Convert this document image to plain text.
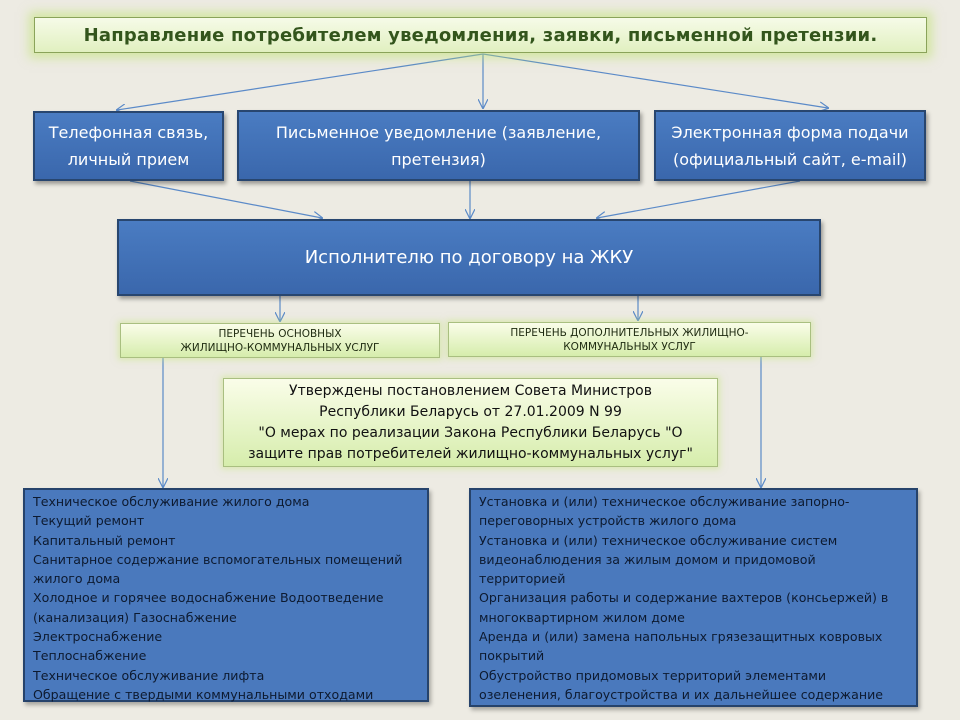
Направление потребителем уведомления, заявки, письменной претензии.
Телефонная связь,
личный прием
Письменное уведомление (заявление,
претензия)
Электронная форма подачи
(официальный сайт, e-mail)
Исполнителю по договору на ЖКУ
ПЕРЕЧЕНЬ ОСНОВНЫХ
ЖИЛИЩНО-КОММУНАЛЬНЫХ УСЛУГ
ПЕРЕЧЕНЬ ДОПОЛНИТЕЛЬНЫХ ЖИЛИЩНО-
КОММУНАЛЬНЫХ УСЛУГ
Утверждены постановлением Совета Министров
Республики Беларусь от 27.01.2009 N 99
"О мерах по реализации Закона Республики Беларусь "О
защите прав потребителей жилищно-коммунальных услуг"
Техническое обслуживание жилого дома
Текущий ремонт
Капитальный ремонт
Санитарное содержание вспомогательных помещений
жилого дома
Холодное и горячее водоснабжение Водоотведение
(канализация) Газоснабжение
Электроснабжение
Теплоснабжение
Техническое обслуживание лифта
Обращение с твердыми коммунальными отходами
Установка и (или) техническое обслуживание запорно-
переговорных устройств жилого дома
Установка и (или) техническое обслуживание систем
видеонаблюдения за жилым домом и придомовой
территорией
Организация работы и содержание вахтеров (консьержей) в
многоквартирном жилом доме
Аренда и (или) замена напольных грязезащитных ковровых
покрытий
Обустройство придомовых территорий элементами
озеленения, благоустройства и их дальнейшее содержание
